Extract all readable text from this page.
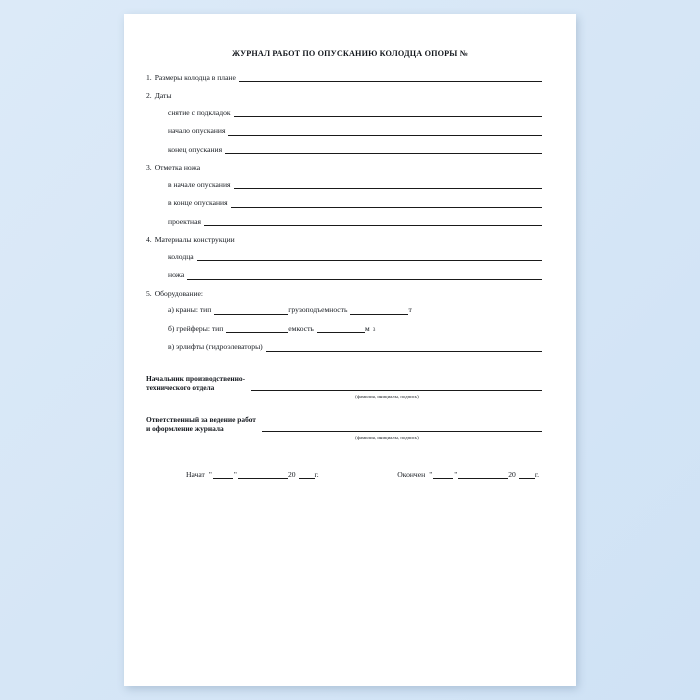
ЖУРНАЛ РАБОТ ПО ОПУСКАНИЮ КОЛОДЦА ОПОРЫ №
1. Размеры колодца в плане
2. Даты
снятие с подкладок
начало опускания
конец опускания
3. Отметка ножа
в начале опускания
в конце опускания
проектная
4. Материалы конструкции
колодца
ножа
5. Оборудование:
а) краны: тип	грузоподъемность	т
б) грейферы: тип	емкость	м 3
в) эрлифты (гидроэлеваторы)
Начальник производственно-
технического отдела
(фамилия, инициалы, подпись)
Ответственный за ведение работ
и оформление журнала
(фамилия, инициалы, подпись)
Начат "	"	20	г.	Окончен "	"	20	г.
